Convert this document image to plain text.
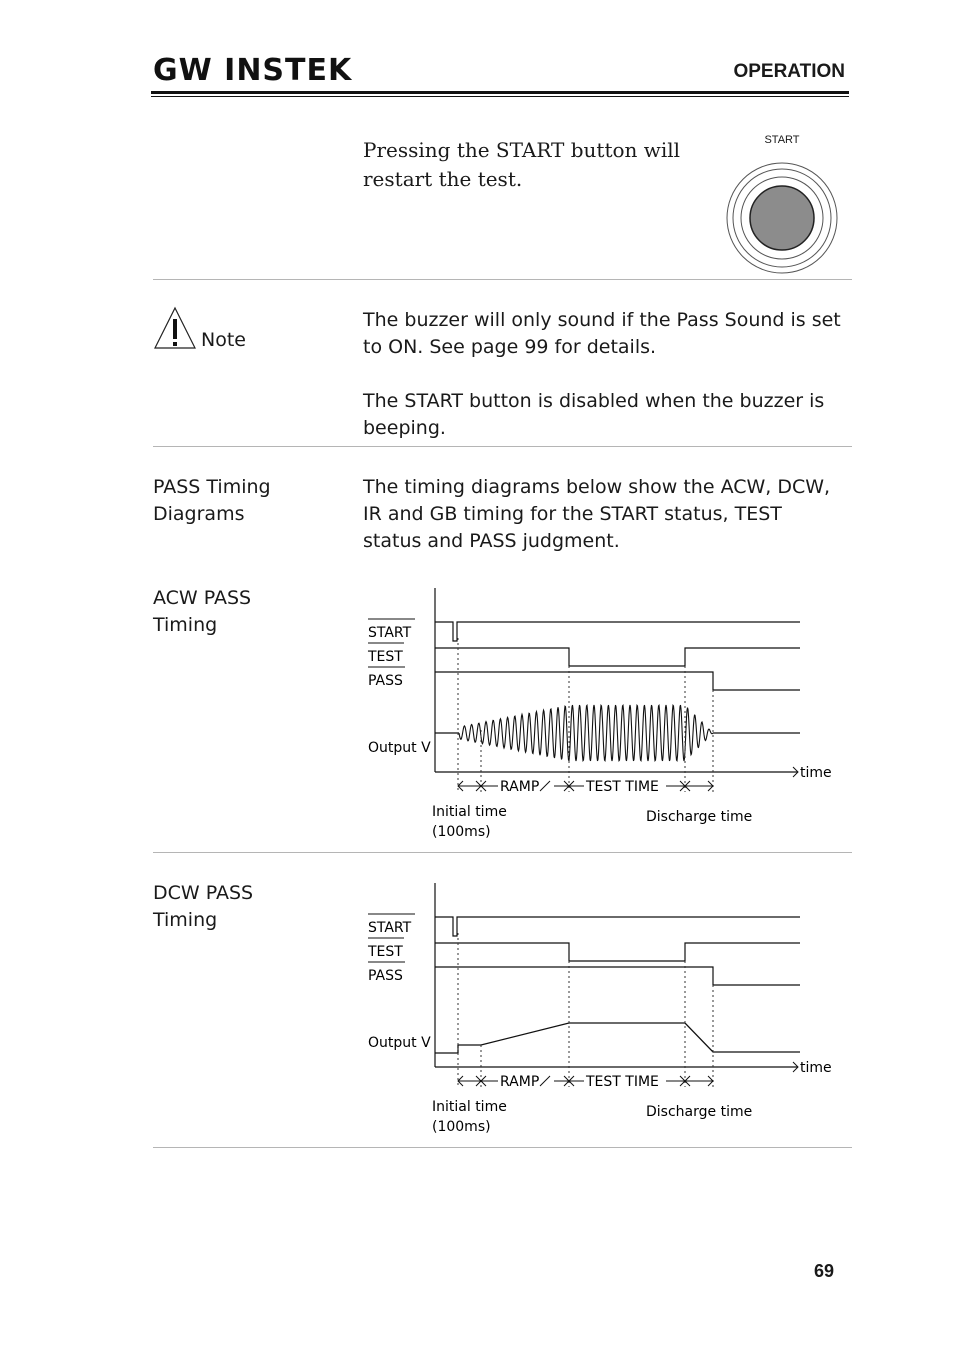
GW INSTEK	OPERATION
Pressing the START button will restart the test.
START
Note

The buzzer will only sound if the Pass Sound is set to ON. See page 99 for details.

The START button is disabled when the buzzer is beeping.

PASS Timing Diagrams
The timing diagrams below show the ACW, DCW, IR and GB timing for the START status, TEST status and PASS judgment.
ACW PASS Timing	START
TEST
PASS
Output V
time
RAMP	TEST TIME
Initial time
(100ms)
Discharge time
DCW PASS Timing	START
TEST
PASS
Output V
time
RAMP	TEST TIME
Initial time
(100ms)
Discharge time
69
